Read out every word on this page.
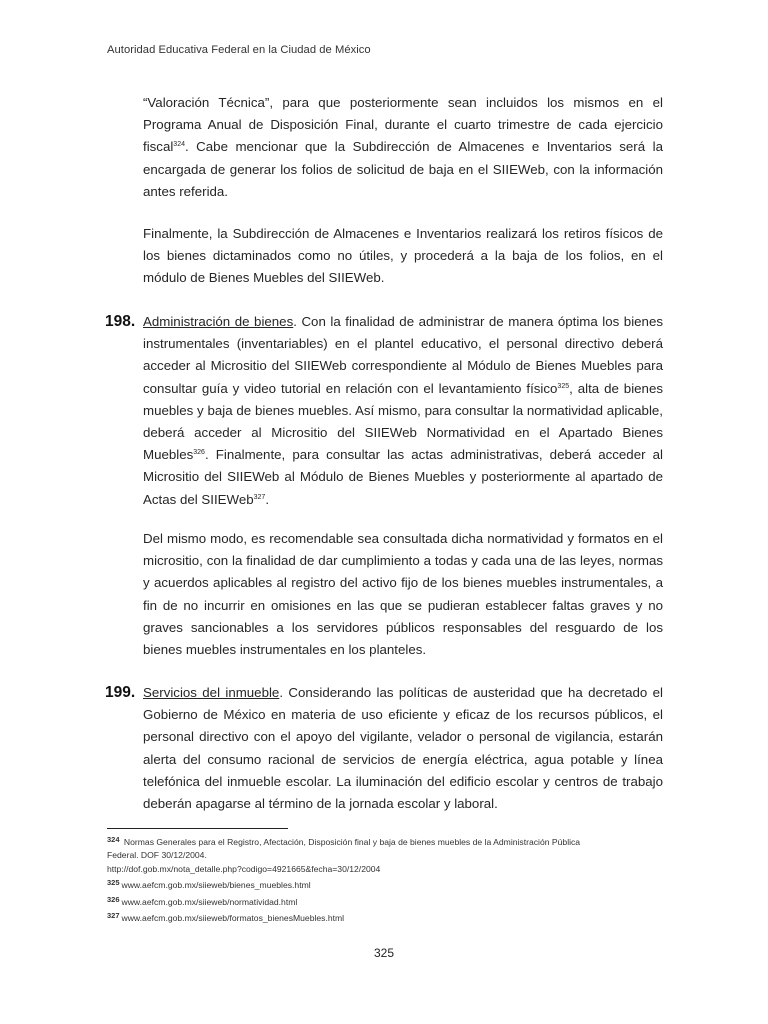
Autoridad Educativa Federal en la Ciudad de México

“Valoración Técnica”, para que posteriormente sean incluidos los mismos en el Programa Anual de Disposición Final, durante el cuarto trimestre de cada ejercicio fiscal$^{324}$. Cabe mencionar que la Subdirección de Almacenes e Inventarios será la encargada de generar los folios de solicitud de baja en el SIIEWeb, con la información antes referida.

Finalmente, la Subdirección de Almacenes e Inventarios realizará los retiros físicos de los bienes dictaminados como no útiles, y procederá a la baja de los folios, en el módulo de Bienes Muebles del SIIEWeb.

198. Administración de bienes. Con la finalidad de administrar de manera óptima los bienes instrumentales (inventariables) en el plantel educativo, el personal directivo deberá acceder al Micrositio del SIIEWeb correspondiente al Módulo de Bienes Muebles para consultar guía y video tutorial en relación con el levantamiento físico$^{325}$, alta de bienes muebles y baja de bienes muebles. Así mismo, para consultar la normatividad aplicable, deberá acceder al Micrositio del SIIEWeb Normatividad en el Apartado Bienes Muebles$^{326}$. Finalmente, para consultar las actas administrativas, deberá acceder al Micrositio del SIIEWeb al Módulo de Bienes Muebles y posteriormente al apartado de Actas del SIIEWeb$^{327}$.

Del mismo modo, es recomendable sea consultada dicha normatividad y formatos en el micrositio, con la finalidad de dar cumplimiento a todas y cada una de las leyes, normas y acuerdos aplicables al registro del activo fijo de los bienes muebles instrumentales, a fin de no incurrir en omisiones en las que se pudieran establecer faltas graves y no graves sancionables a los servidores públicos responsables del resguardo de los bienes muebles instrumentales en los planteles.

199. Servicios del inmueble. Considerando las políticas de austeridad que ha decretado el Gobierno de México en materia de uso eficiente y eficaz de los recursos públicos, el personal directivo con el apoyo del vigilante, velador o personal de vigilancia, estarán alerta del consumo racional de servicios de energía eléctrica, agua potable y línea telefónica del inmueble escolar. La iluminación del edificio escolar y centros de trabajo deberán apagarse al término de la jornada escolar y laboral.

324 Normas Generales para el Registro, Afectación, Disposición final y baja de bienes muebles de la Administración Pública
Federal. DOF 30/12/2004.
http://dof.gob.mx/nota_detalle.php?codigo=4921665&fecha=30/12/2004

325 www.aefcm.gob.mx/siieweb/bienes_muebles.html

326 www.aefcm.gob.mx/siieweb/normatividad.html

327 www.aefcm.gob.mx/siieweb/formatos_bienesMuebles.html

325
